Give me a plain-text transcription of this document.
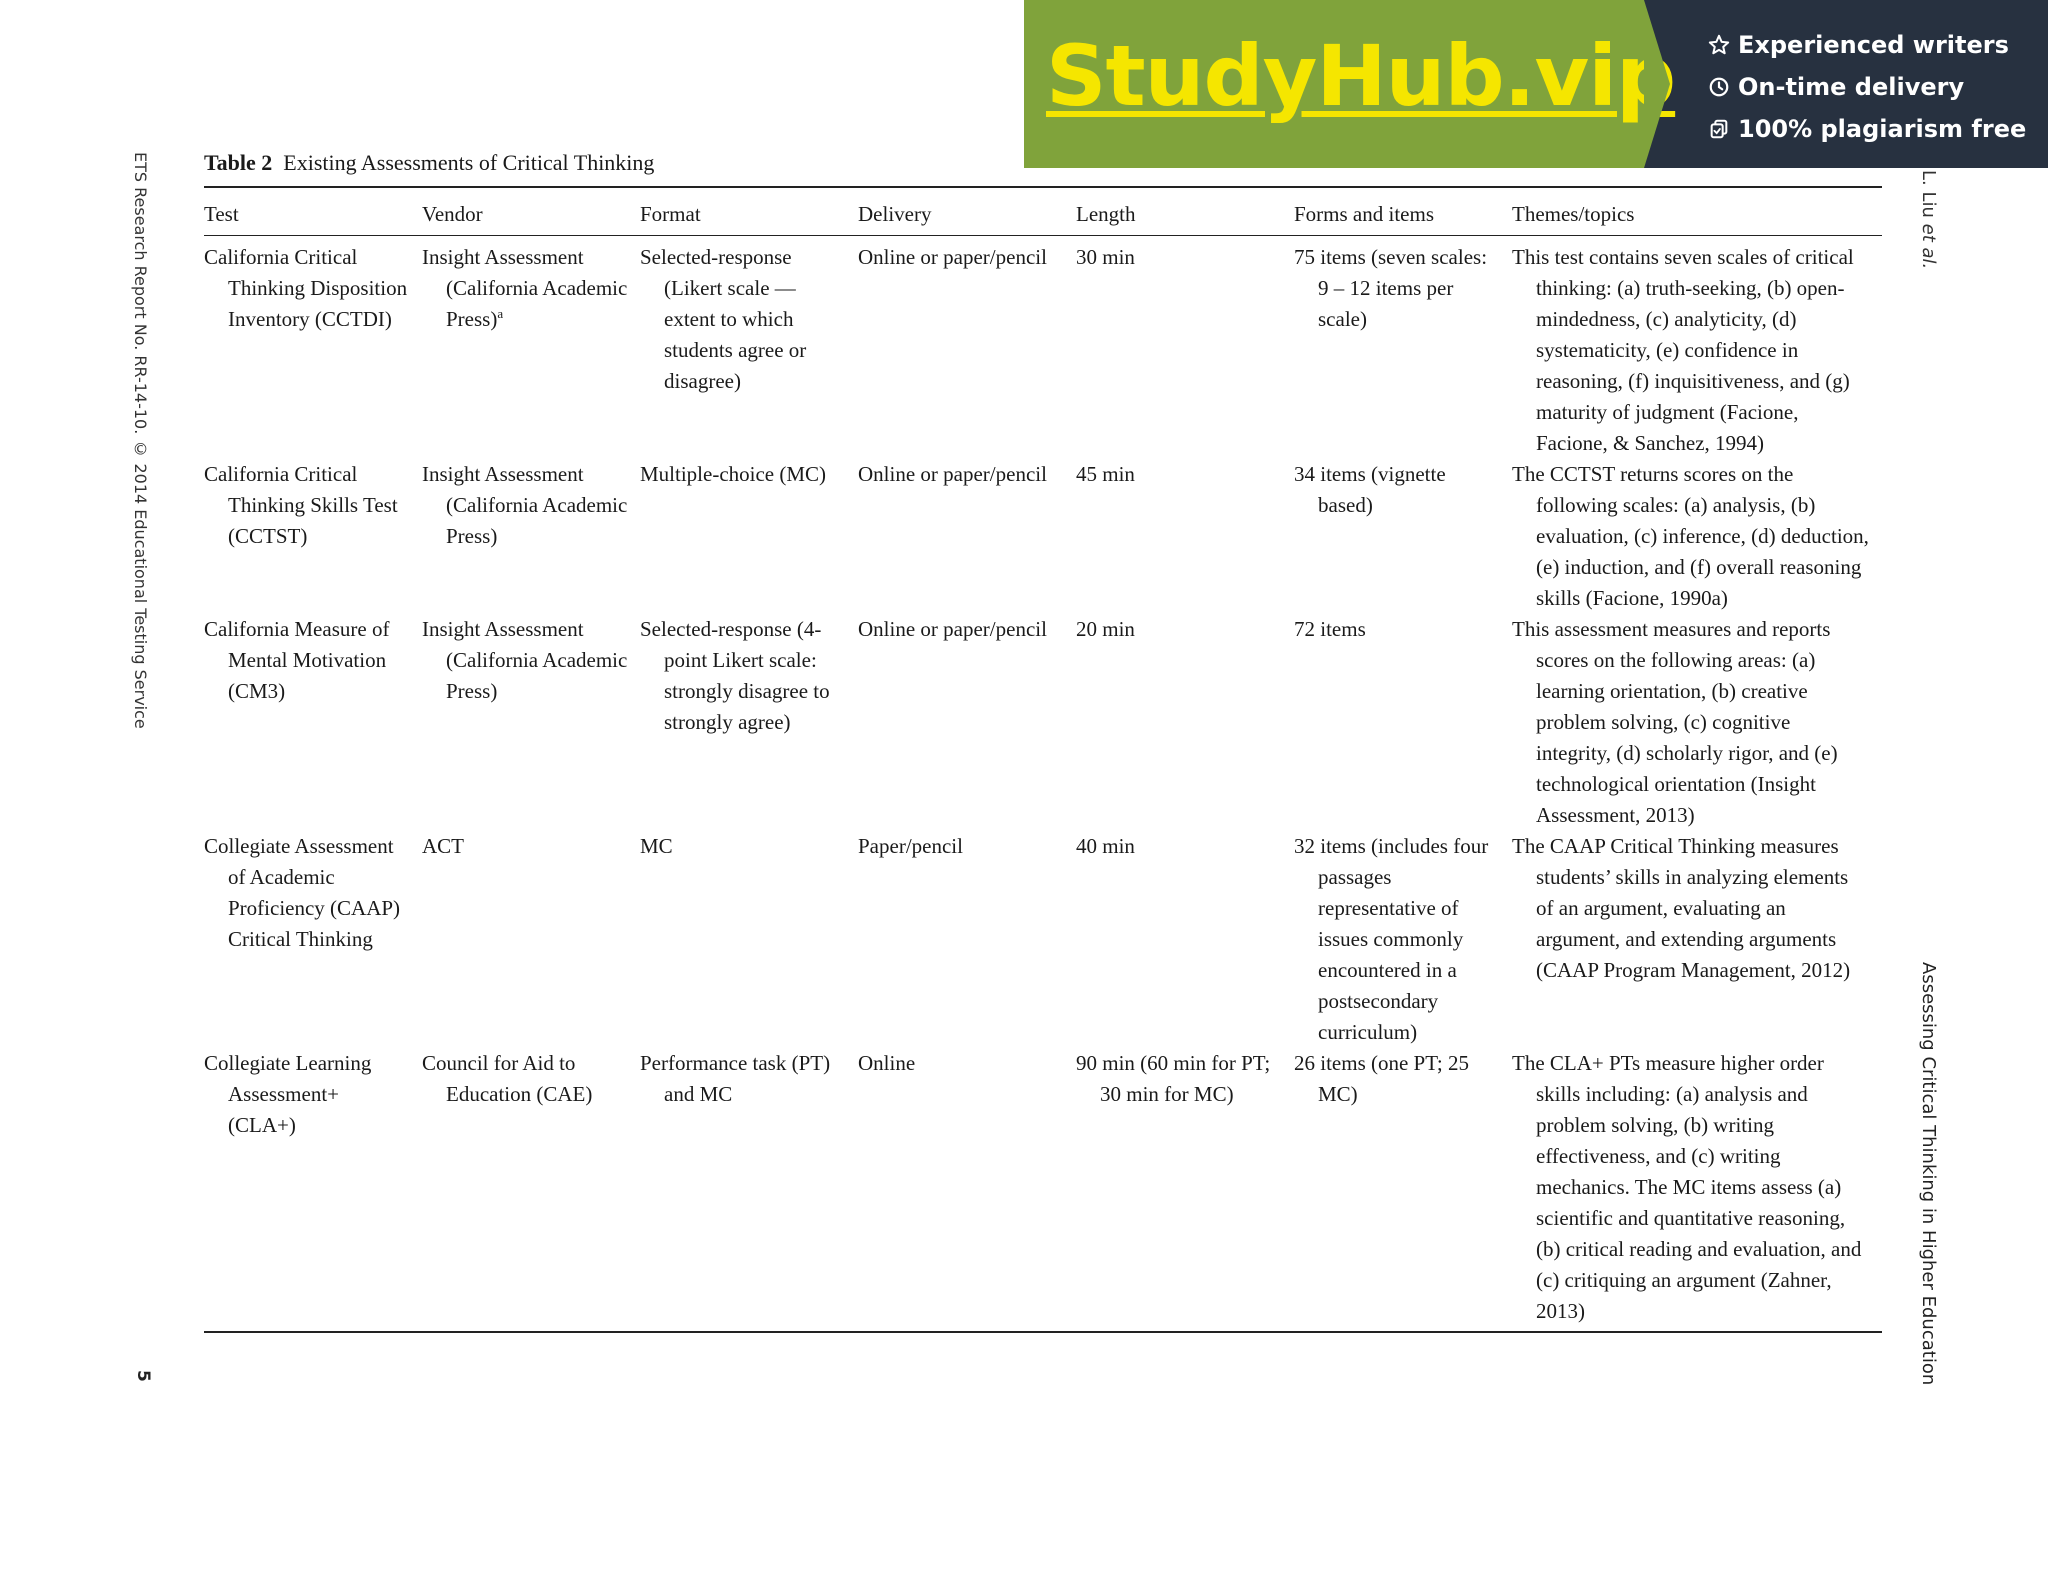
StudyHub.vip	Experienced writers
On-time delivery
100% plagiarism free
ETS Research Report No. RR-14-10. © 2014 Educational Testing Service
5
L. Liu et al.
Assessing Critical Thinking in Higher Education
Table 2 Existing Assessments of Critical Thinking
Test	Vendor	Format	Delivery	Length	Forms and items	Themes/topics

California Critical Thinking Disposition Inventory (CCTDI)	Insight Assessment (California Academic Press)$^a$	Selected-response (Likert scale — extent to which students agree or disagree)	Online or paper/pencil	30 min	75 items (seven scales: 9 – 12 items per scale)	This test contains seven scales of critical thinking: (a) truth-seeking, (b) open-mindedness, (c) analyticity, (d) systematicity, (e) confidence in reasoning, (f) inquisitiveness, and (g) maturity of judgment (Facione, Facione, & Sanchez, 1994)

California Critical Thinking Skills Test (CCTST)	Insight Assessment (California Academic Press)	Multiple-choice (MC)	Online or paper/pencil	45 min	34 items (vignette based)	The CCTST returns scores on the following scales: (a) analysis, (b) evaluation, (c) inference, (d) deduction, (e) induction, and (f) overall reasoning skills (Facione, 1990a)

California Measure of Mental Motivation (CM3)	Insight Assessment (California Academic Press)	Selected-response (4-point Likert scale: strongly disagree to strongly agree)	Online or paper/pencil	20 min	72 items	This assessment measures and reports scores on the following areas: (a) learning orientation, (b) creative problem solving, (c) cognitive integrity, (d) scholarly rigor, and (e) technological orientation (Insight Assessment, 2013)

Collegiate Assessment of Academic Proficiency (CAAP) Critical Thinking	ACT	MC	Paper/pencil	40 min	32 items (includes four passages representative of issues commonly encountered in a postsecondary curriculum)	The CAAP Critical Thinking measures students’ skills in analyzing elements of an argument, evaluating an argument, and extending arguments (CAAP Program Management, 2012)

Collegiate Learning Assessment+ (CLA+)	Council for Aid to Education (CAE)	Performance task (PT) and MC	Online	90 min (60 min for PT; 30 min for MC)	26 items (one PT; 25 MC)	The CLA+ PTs measure higher order skills including: (a) analysis and problem solving, (b) writing effectiveness, and (c) writing mechanics. The MC items assess (a) scientific and quantitative reasoning, (b) critical reading and evaluation, and (c) critiquing an argument (Zahner, 2013)
